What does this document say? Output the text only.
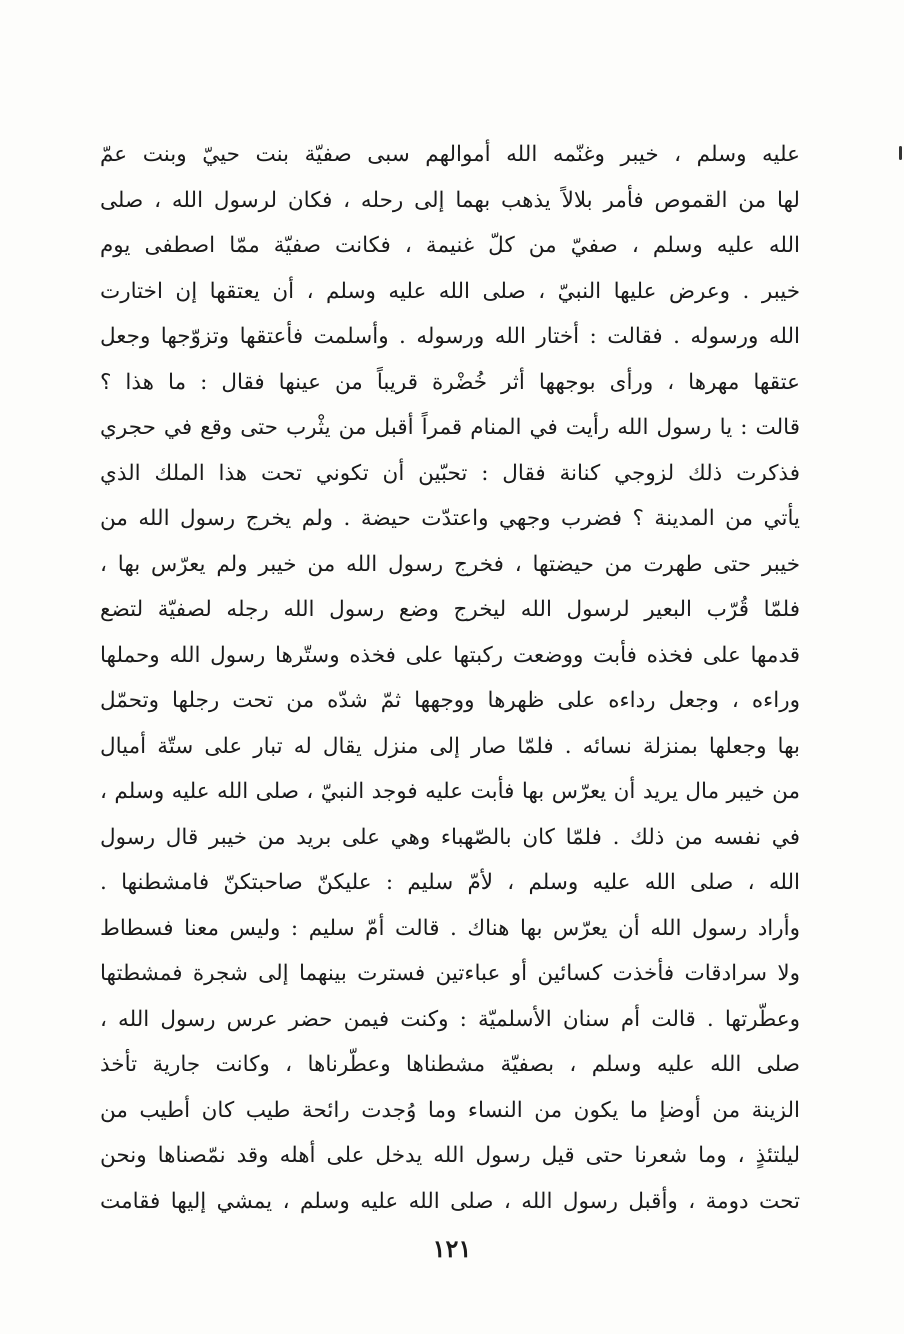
عليه وسلم ، خيبر وغنّمه الله أموالهم سبى صفيّة بنت حييّ وبنت عمّ
لها من القموص فأمر بلالاً يذهب بهما إلى رحله ، فكان لرسول الله ، صلى
الله عليه وسلم ، صفيّ من كلّ غنيمة ، فكانت صفيّة ممّا اصطفى يوم
خيبر . وعرض عليها النبيّ ، صلى الله عليه وسلم ، أن يعتقها إن اختارت
الله ورسوله . فقالت : أختار الله ورسوله . وأسلمت فأعتقها وتزوّجها وجعل
عتقها مهرها ، ورأى بوجهها أثر خُضْرة قريباً من عينها فقال : ما هذا ؟
قالت : يا رسول الله رأيت في المنام قمراً أقبل من يثْرب حتى وقع في حجري
فذكرت ذلك لزوجي كنانة فقال : تحبّين أن تكوني تحت هذا الملك الذي
يأتي من المدينة ؟ فضرب وجهي واعتدّت حيضة . ولم يخرج رسول الله من
خيبر حتى طهرت من حيضتها ، فخرج رسول الله من خيبر ولم يعرّس بها ،
فلمّا قُرّب البعير لرسول الله ليخرج وضع رسول الله رجله لصفيّة لتضع
قدمها على فخذه فأبت ووضعت ركبتها على فخذه وستّرها رسول الله وحملها
وراءه ، وجعل رداءه على ظهرها ووجهها ثمّ شدّه من تحت رجلها وتحمّل
بها وجعلها بمنزلة نسائه . فلمّا صار إلى منزل يقال له تبار على ستّة أميال
من خيبر مال يريد أن يعرّس بها فأبت عليه فوجد النبيّ ، صلى الله عليه وسلم ،
في نفسه من ذلك . فلمّا كان بالصّهباء وهي على بريد من خيبر قال رسول
الله ، صلى الله عليه وسلم ، لأمّ سليم : عليكنّ صاحبتكنّ فامشطنها .
وأراد رسول الله أن يعرّس بها هناك . قالت أمّ سليم : وليس معنا فسطاط
ولا سرادقات فأخذت كسائين أو عباءتين فسترت بينهما إلى شجرة فمشطتها
وعطّرتها . قالت أم سنان الأسلميّة : وكنت فيمن حضر عرس رسول الله ،
صلى الله عليه وسلم ، بصفيّة مشطناها وعطّرناها ، وكانت جارية تأخذ
الزينة من أوضإ ما يكون من النساء وما وُجدت رائحة طيب كان أطيب من
ليلتئذٍ ، وما شعرنا حتى قيل رسول الله يدخل على أهله وقد نمّصناها ونحن
تحت دومة ، وأقبل رسول الله ، صلى الله عليه وسلم ، يمشي إليها فقامت
١٢١
